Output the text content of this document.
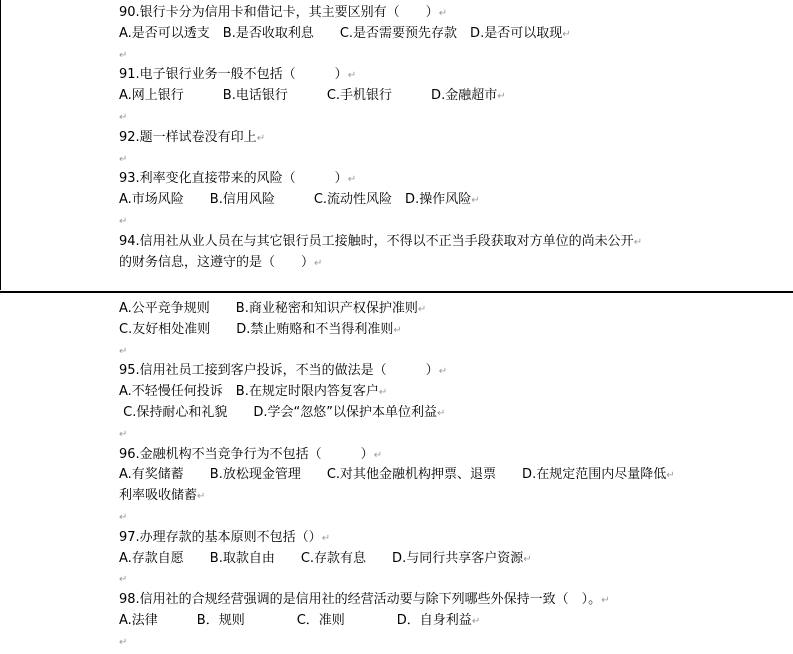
90.银行卡分为信用卡和借记卡，其主要区别有（　　）↵
A.是否可以透支　B.是否收取利息　　C.是否需要预先存款　D.是否可以取现↵
↵
91.电子银行业务一般不包括（　　　）↵
A.网上银行　　　B.电话银行　　　C.手机银行　　　D.金融超市↵
↵
92.题一样试卷没有印上↵
↵
93.利率变化直接带来的风险（　　　）↵
A.市场风险　　B.信用风险　　　C.流动性风险　D.操作风险↵
↵
94.信用社从业人员在与其它银行员工接触时，不得以不正当手段获取对方单位的尚未公开↵
的财务信息，这遵守的是（　　）↵
A.公平竞争规则　　B.商业秘密和知识产权保护准则↵
C.友好相处准则　　D.禁止贿赂和不当得利准则↵
↵
95.信用社员工接到客户投诉，不当的做法是（　　　）↵
A.不轻慢任何投诉　B.在规定时限内答复客户↵
C.保持耐心和礼貌　　D.学会“忽悠”以保护本单位利益↵
↵
96.金融机构不当竞争行为不包括（　　　）↵
A.有奖储蓄　　B.放松现金管理　　C.对其他金融机构押票、退票　　D.在规定范围内尽量降低↵
利率吸收储蓄↵
↵
97.办理存款的基本原则不包括（）↵
A.存款自愿　　B.取款自由　　C.存款有息　　D.与同行共享客户资源↵
↵
98.信用社的合规经营强调的是信用社的经营活动要与除下列哪些外保持一致（　）。↵
A.法律　　　B．规则　　　　C．准则　　　　D．自身利益↵
↵
